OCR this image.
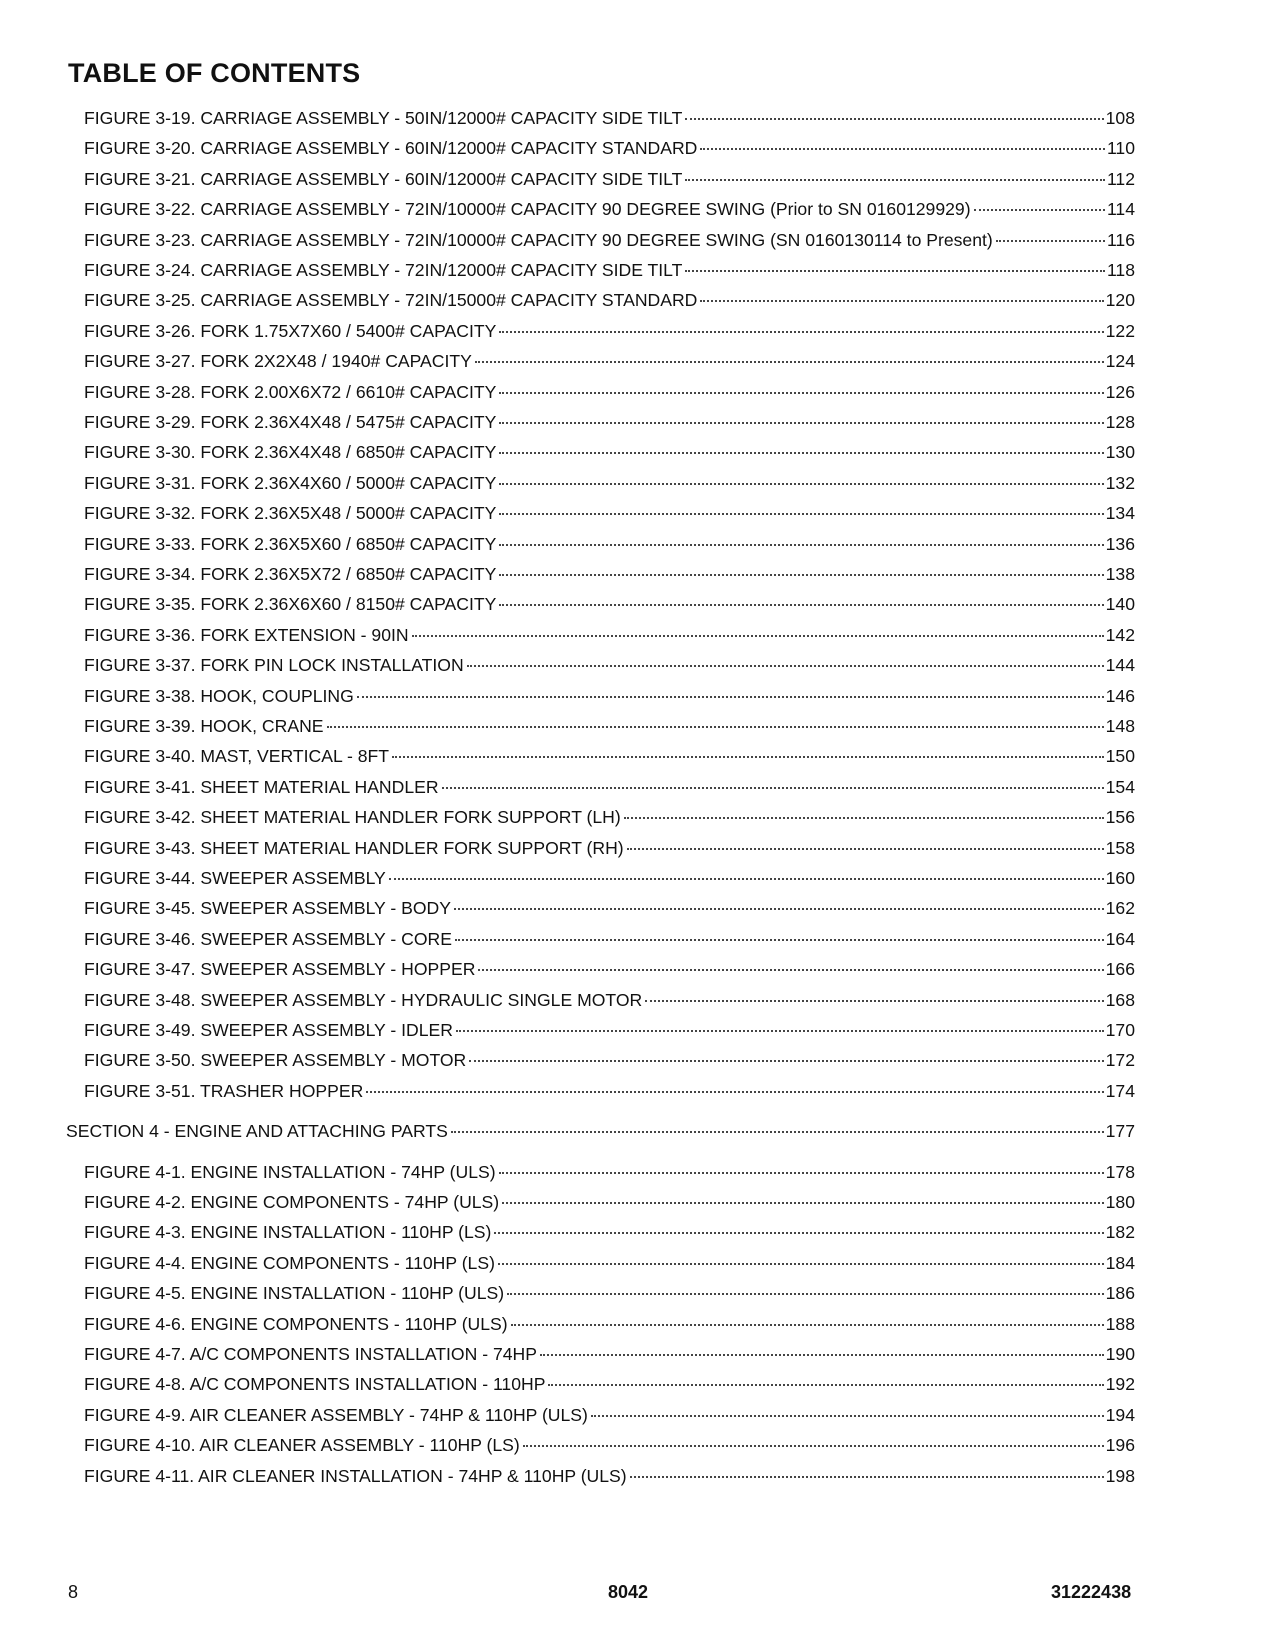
TABLE OF CONTENTS
FIGURE 3-19. CARRIAGE ASSEMBLY - 50IN/12000# CAPACITY SIDE TILT	108
FIGURE 3-20. CARRIAGE ASSEMBLY - 60IN/12000# CAPACITY STANDARD	110
FIGURE 3-21. CARRIAGE ASSEMBLY - 60IN/12000# CAPACITY SIDE TILT	112
FIGURE 3-22. CARRIAGE ASSEMBLY - 72IN/10000# CAPACITY 90 DEGREE SWING (Prior to SN 0160129929)	114
FIGURE 3-23. CARRIAGE ASSEMBLY - 72IN/10000# CAPACITY 90 DEGREE SWING (SN 0160130114 to Present)	116
FIGURE 3-24. CARRIAGE ASSEMBLY - 72IN/12000# CAPACITY SIDE TILT	118
FIGURE 3-25. CARRIAGE ASSEMBLY - 72IN/15000# CAPACITY STANDARD	120
FIGURE 3-26. FORK 1.75X7X60 / 5400# CAPACITY	122
FIGURE 3-27. FORK 2X2X48 / 1940# CAPACITY	124
FIGURE 3-28. FORK 2.00X6X72 / 6610# CAPACITY	126
FIGURE 3-29. FORK 2.36X4X48 / 5475# CAPACITY	128
FIGURE 3-30. FORK 2.36X4X48 / 6850# CAPACITY	130
FIGURE 3-31. FORK 2.36X4X60 / 5000# CAPACITY	132
FIGURE 3-32. FORK 2.36X5X48 / 5000# CAPACITY	134
FIGURE 3-33. FORK 2.36X5X60 / 6850# CAPACITY	136
FIGURE 3-34. FORK 2.36X5X72 / 6850# CAPACITY	138
FIGURE 3-35. FORK 2.36X6X60 / 8150# CAPACITY	140
FIGURE 3-36. FORK EXTENSION - 90IN	142
FIGURE 3-37. FORK PIN LOCK INSTALLATION	144
FIGURE 3-38. HOOK, COUPLING	146
FIGURE 3-39. HOOK, CRANE	148
FIGURE 3-40. MAST, VERTICAL - 8FT	150
FIGURE 3-41. SHEET MATERIAL HANDLER	154
FIGURE 3-42. SHEET MATERIAL HANDLER FORK SUPPORT (LH)	156
FIGURE 3-43. SHEET MATERIAL HANDLER FORK SUPPORT (RH)	158
FIGURE 3-44. SWEEPER ASSEMBLY	160
FIGURE 3-45. SWEEPER ASSEMBLY - BODY	162
FIGURE 3-46. SWEEPER ASSEMBLY - CORE	164
FIGURE 3-47. SWEEPER ASSEMBLY - HOPPER	166
FIGURE 3-48. SWEEPER ASSEMBLY - HYDRAULIC SINGLE MOTOR	168
FIGURE 3-49. SWEEPER ASSEMBLY - IDLER	170
FIGURE 3-50. SWEEPER ASSEMBLY - MOTOR	172
FIGURE 3-51. TRASHER HOPPER	174
SECTION 4 - ENGINE AND ATTACHING PARTS	177
FIGURE 4-1. ENGINE INSTALLATION - 74HP (ULS)	178
FIGURE 4-2. ENGINE COMPONENTS - 74HP (ULS)	180
FIGURE 4-3. ENGINE INSTALLATION - 110HP (LS)	182
FIGURE 4-4. ENGINE COMPONENTS - 110HP (LS)	184
FIGURE 4-5. ENGINE INSTALLATION - 110HP (ULS)	186
FIGURE 4-6. ENGINE COMPONENTS - 110HP (ULS)	188
FIGURE 4-7. A/C COMPONENTS INSTALLATION - 74HP	190
FIGURE 4-8. A/C COMPONENTS INSTALLATION - 110HP	192
FIGURE 4-9. AIR CLEANER ASSEMBLY - 74HP & 110HP (ULS)	194
FIGURE 4-10. AIR CLEANER ASSEMBLY - 110HP (LS)	196
FIGURE 4-11. AIR CLEANER INSTALLATION - 74HP & 110HP (ULS)	198
8	8042	31222438
